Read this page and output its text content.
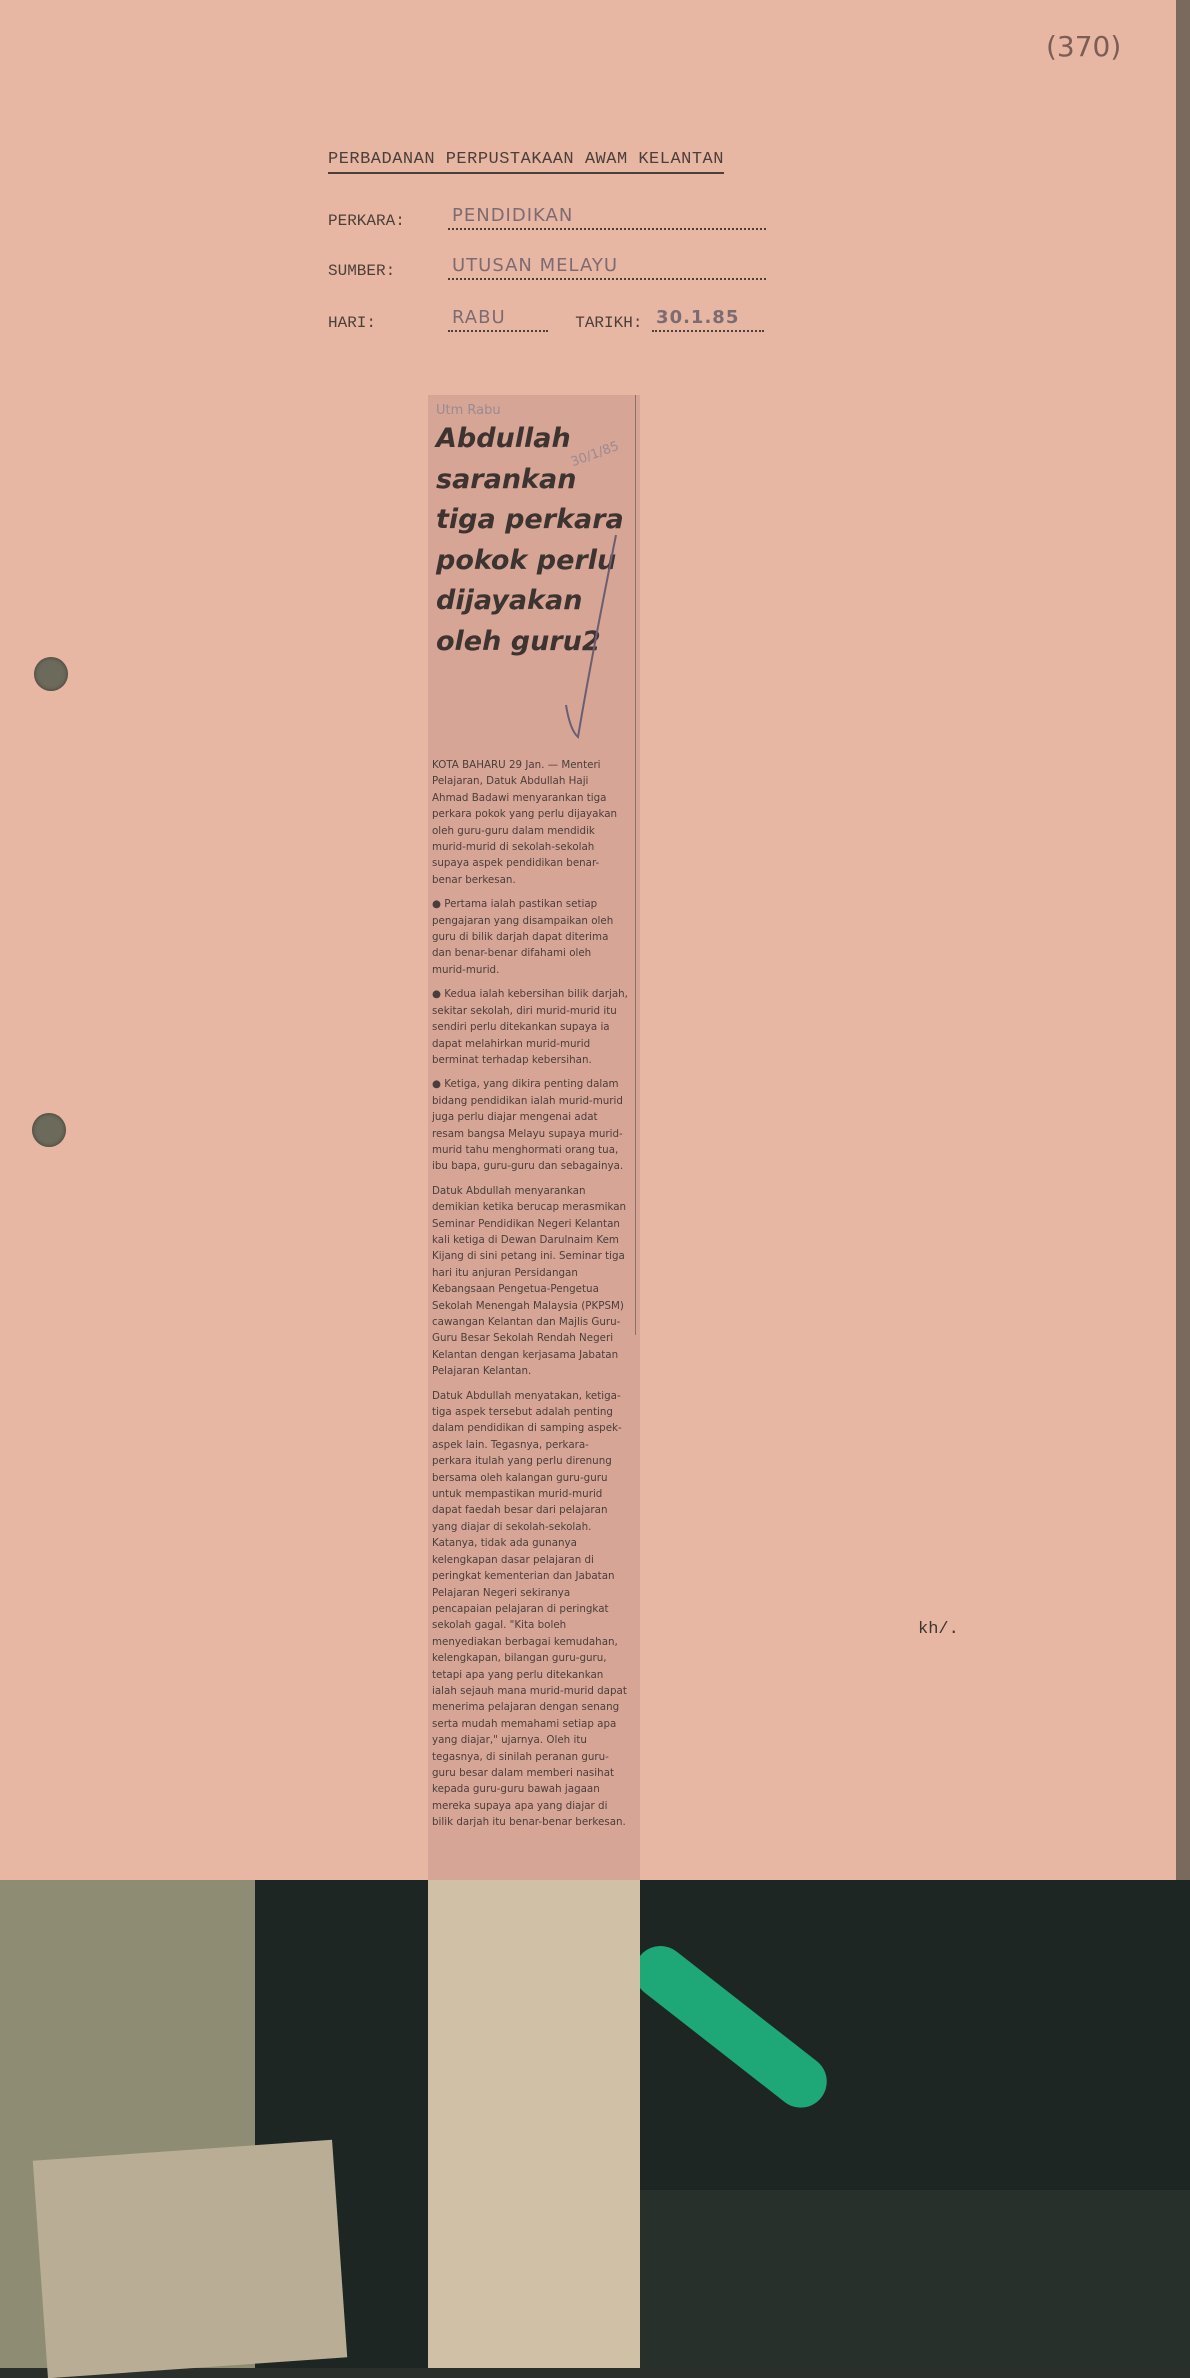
(370)
PERBADANAN PERPUSTAKAAN AWAM KELANTAN
PERKARA:	PENDIDIKAN
SUMBER:	UTUSAN MELAYU
HARI:	RABU	TARIKH: 30.1.85
kh/.
Utm Rabu
30/1/85
Abdullah sarankan tiga perkara pokok perlu dijayakan oleh guru2

KOTA BAHARU 29 Jan. — Menteri Pelajaran, Datuk Abdullah Haji Ahmad Badawi menyarankan tiga perkara pokok yang perlu dijayakan oleh guru-guru dalam mendidik murid-murid di sekolah-sekolah supaya aspek pendidikan benar-benar berkesan.

● Pertama ialah pastikan setiap pengajaran yang disampaikan oleh guru di bilik darjah dapat diterima dan benar-benar difahami oleh murid-murid.

● Kedua ialah kebersihan bilik darjah, sekitar sekolah, diri murid-murid itu sendiri perlu ditekankan supaya ia dapat melahirkan murid-murid berminat terhadap kebersihan.

● Ketiga, yang dikira penting dalam bidang pendidikan ialah murid-murid juga perlu diajar mengenai adat resam bangsa Melayu supaya murid-murid tahu menghormati orang tua, ibu bapa, guru-guru dan sebagainya.

Datuk Abdullah menyarankan demikian ketika berucap merasmikan Seminar Pendidikan Negeri Kelantan kali ketiga di Dewan Darulnaim Kem Kijang di sini petang ini. Seminar tiga hari itu anjuran Persidangan Kebangsaan Pengetua-Pengetua Sekolah Menengah Malaysia (PKPSM) cawangan Kelantan dan Majlis Guru-Guru Besar Sekolah Rendah Negeri Kelantan dengan kerjasama Jabatan Pelajaran Kelantan.

Datuk Abdullah menyatakan, ketiga-tiga aspek tersebut adalah penting dalam pendidikan di samping aspek-aspek lain. Tegasnya, perkara-perkara itulah yang perlu direnung bersama oleh kalangan guru-guru untuk mempastikan murid-murid dapat faedah besar dari pelajaran yang diajar di sekolah-sekolah. Katanya, tidak ada gunanya kelengkapan dasar pelajaran di peringkat kementerian dan Jabatan Pelajaran Negeri sekiranya pencapaian pelajaran di peringkat sekolah gagal. "Kita boleh menyediakan berbagai kemudahan, kelengkapan, bilangan guru-guru, tetapi apa yang perlu ditekankan ialah sejauh mana murid-murid dapat menerima pelajaran dengan senang serta mudah memahami setiap apa yang diajar," ujarnya. Oleh itu tegasnya, di sinilah peranan guru-guru besar dalam memberi nasihat kepada guru-guru bawah jagaan mereka supaya apa yang diajar di bilik darjah itu benar-benar berkesan.
